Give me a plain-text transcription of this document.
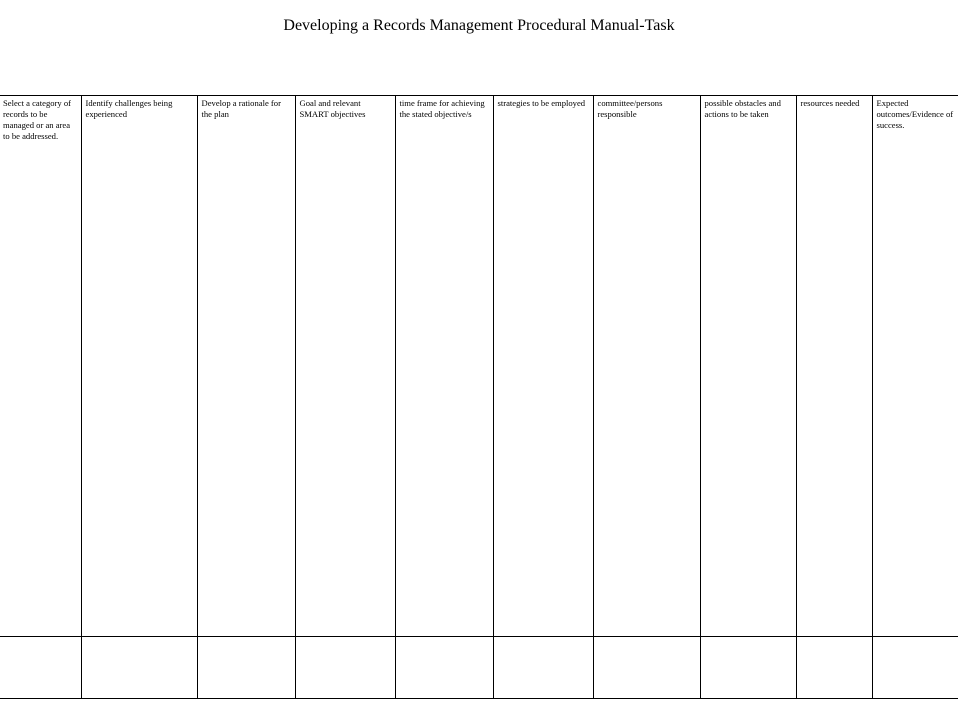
Developing a Records Management Procedural Manual-Task
Select a category of records to be managed or an area to be addressed.	Identify challenges being experienced	Develop a rationale for the plan	Goal and relevant SMART objectives	time frame for achieving the stated objective/s	strategies to be employed	committee/persons responsible	possible obstacles and actions to be taken	resources needed	Expected outcomes/Evidence of success.
